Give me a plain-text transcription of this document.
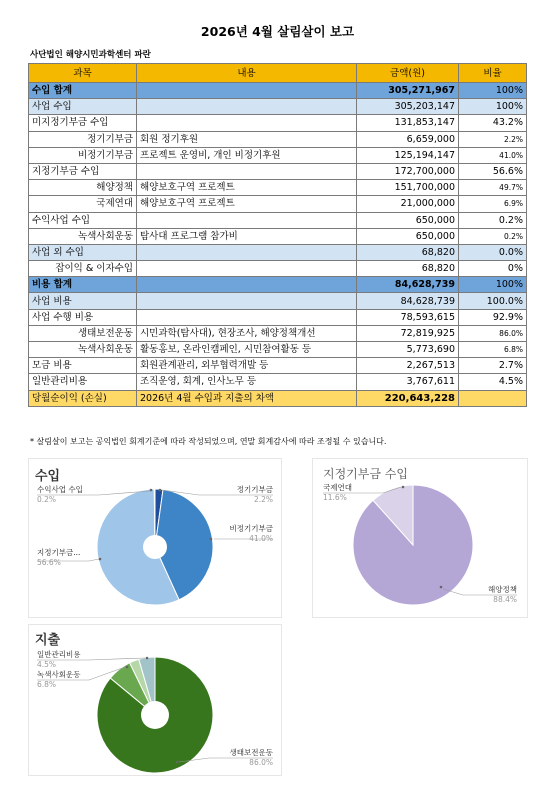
2026년 4월 살림살이 보고
사단법인 해양시민과학센터 파란
과목	내용	금액(원)	비율
수입 합계		305,271,967	100%
사업 수입		305,203,147	100%
미지정기부금 수입		131,853,147	43.2%
정기기부금	회원 정기후원	6,659,000	2.2%
비정기기부금	프로젝트 운영비, 개인 비정기후원	125,194,147	41.0%
지정기부금 수입		172,700,000	56.6%
해양정책	해양보호구역 프로젝트	151,700,000	49.7%
국제연대	해양보호구역 프로젝트	21,000,000	6.9%
수익사업 수입		650,000	0.2%
녹색사회운동	탐사대 프로그램 참가비	650,000	0.2%
사업 외 수입		68,820	0.0%
잡이익 & 이자수입		68,820	0%
비용 합계		84,628,739	100%
사업 비용		84,628,739	100.0%
사업 수행 비용		78,593,615	92.9%
생태보전운동	시민과학(탐사대), 현장조사, 해양정책개선	72,819,925	86.0%
녹색사회운동	활동홍보, 온라인캠페인, 시민참여활동 등	5,773,690	6.8%
모금 비용	회원관계관리, 외부협력개발 등	2,267,513	2.7%
일반관리비용	조직운영, 회계, 인사노무 등	3,767,611	4.5%
당월순이익 (손실)	2026년 4월 수입과 지출의 차액	220,643,228	
* 살림살이 보고는 공익법인 회계기준에 따라 작성되었으며, 연말 회계감사에 따라 조정될 수 있습니다.
수입
수익사업 수입
0.2%
정기기부금
2.2%
비정기기부금
41.0%
지정기부금...
56.6%
지정기부금 수입
국제연대
11.6%
해양정책
88.4%
지출
일반관리비용
4.5%
녹색사회운동
6.8%
생태보전운동
86.0%
